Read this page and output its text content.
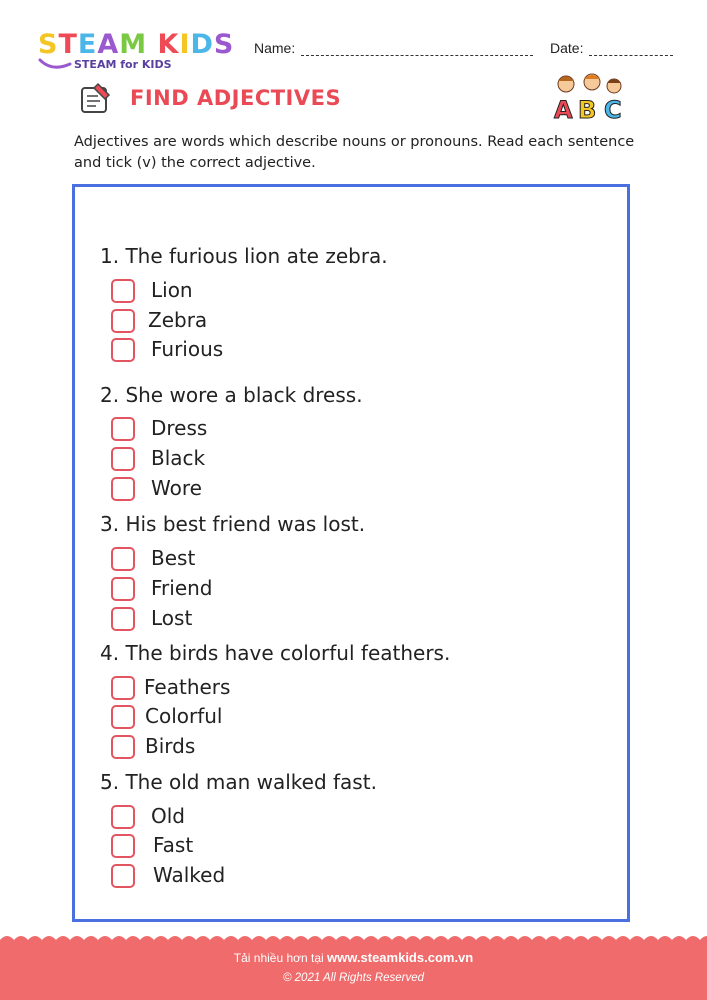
STEAM KIDS
STEAM for KIDS
Name:	Date:
FIND ADJECTIVES	A B C
Adjectives are words which describe nouns or pronouns. Read each sentence and tick (v) the correct adjective.
1. The furious lion ate zebra.
Lion
Zebra
Furious
2. She wore a black dress.
Dress
Black
Wore
3. His best friend was lost.
Best
Friend
Lost
4. The birds have colorful feathers.
Feathers
Colorful
Birds
5. The old man walked fast.
Old
Fast
Walked
Tải nhiều hơn tại www.steamkids.com.vn
© 2021 All Rights Reserved
